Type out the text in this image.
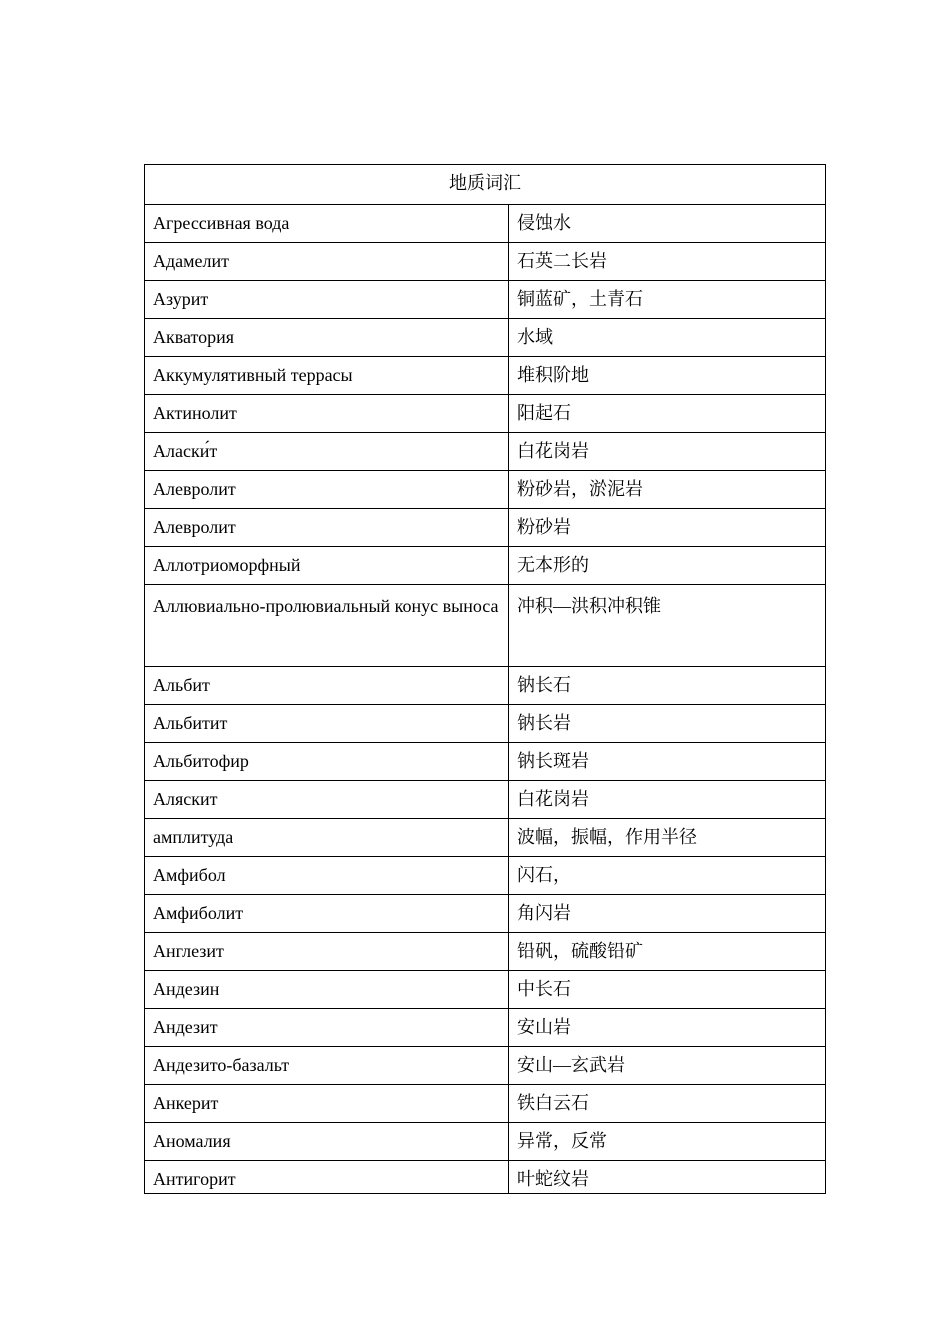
地质词汇	
Агрессивная вода	侵蚀水
Адамелит	石英二长岩
Азурит	铜蓝矿，土青石
Акватория	水域
Аккумулятивный террасы	堆积阶地
Актинолит	阳起石
Аласки́т	白花岗岩
Алевролит	粉砂岩，淤泥岩
Алевролит	粉砂岩
Аллотриоморфный	无本形的
Аллювиально-пролювиальный конус выноса	冲积—洪积冲积锥
Альбит	钠长石
Альбитит	钠长岩
Альбитофир	钠长斑岩
Аляскит	白花岗岩
амплитуда	波幅，振幅，作用半径
Амфибол	闪石，
Амфиболит	角闪岩
Англезит	铅矾，硫酸铅矿
Андезин	中长石
Андезит	安山岩
Андезито-базальт	安山—玄武岩
Анкерит	铁白云石
Аномалия	异常，反常
Антигорит	叶蛇纹岩
